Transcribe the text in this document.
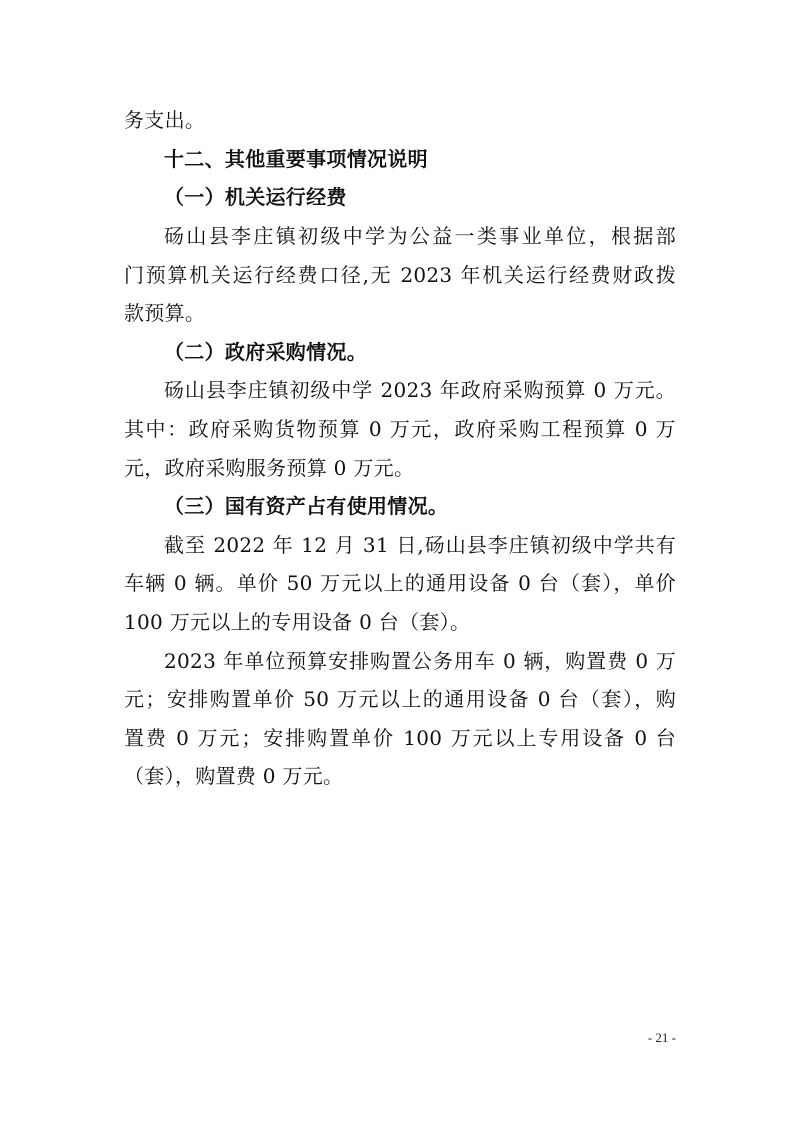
务支出。
十二、其他重要事项情况说明
（一）机关运行经费
砀山县李庄镇初级中学为公益一类事业单位，根据部
门预算机关运行经费口径,无 2023 年机关运行经费财政拨
款预算。
（二）政府采购情况。
砀山县李庄镇初级中学 2023 年政府采购预算 0 万元。
其中：政府采购货物预算 0 万元，政府采购工程预算 0 万
元，政府采购服务预算 0 万元。
（三）国有资产占有使用情况。
截至 2022 年 12 月 31 日,砀山县李庄镇初级中学共有
车辆 0 辆。单价 50 万元以上的通用设备 0 台（套），单价
100 万元以上的专用设备 0 台（套）。
2023 年单位预算安排购置公务用车 0 辆，购置费 0 万
元；安排购置单价 50 万元以上的通用设备 0 台（套），购
置费 0 万元；安排购置单价 100 万元以上专用设备 0 台
（套），购置费 0 万元。
- 21 -
